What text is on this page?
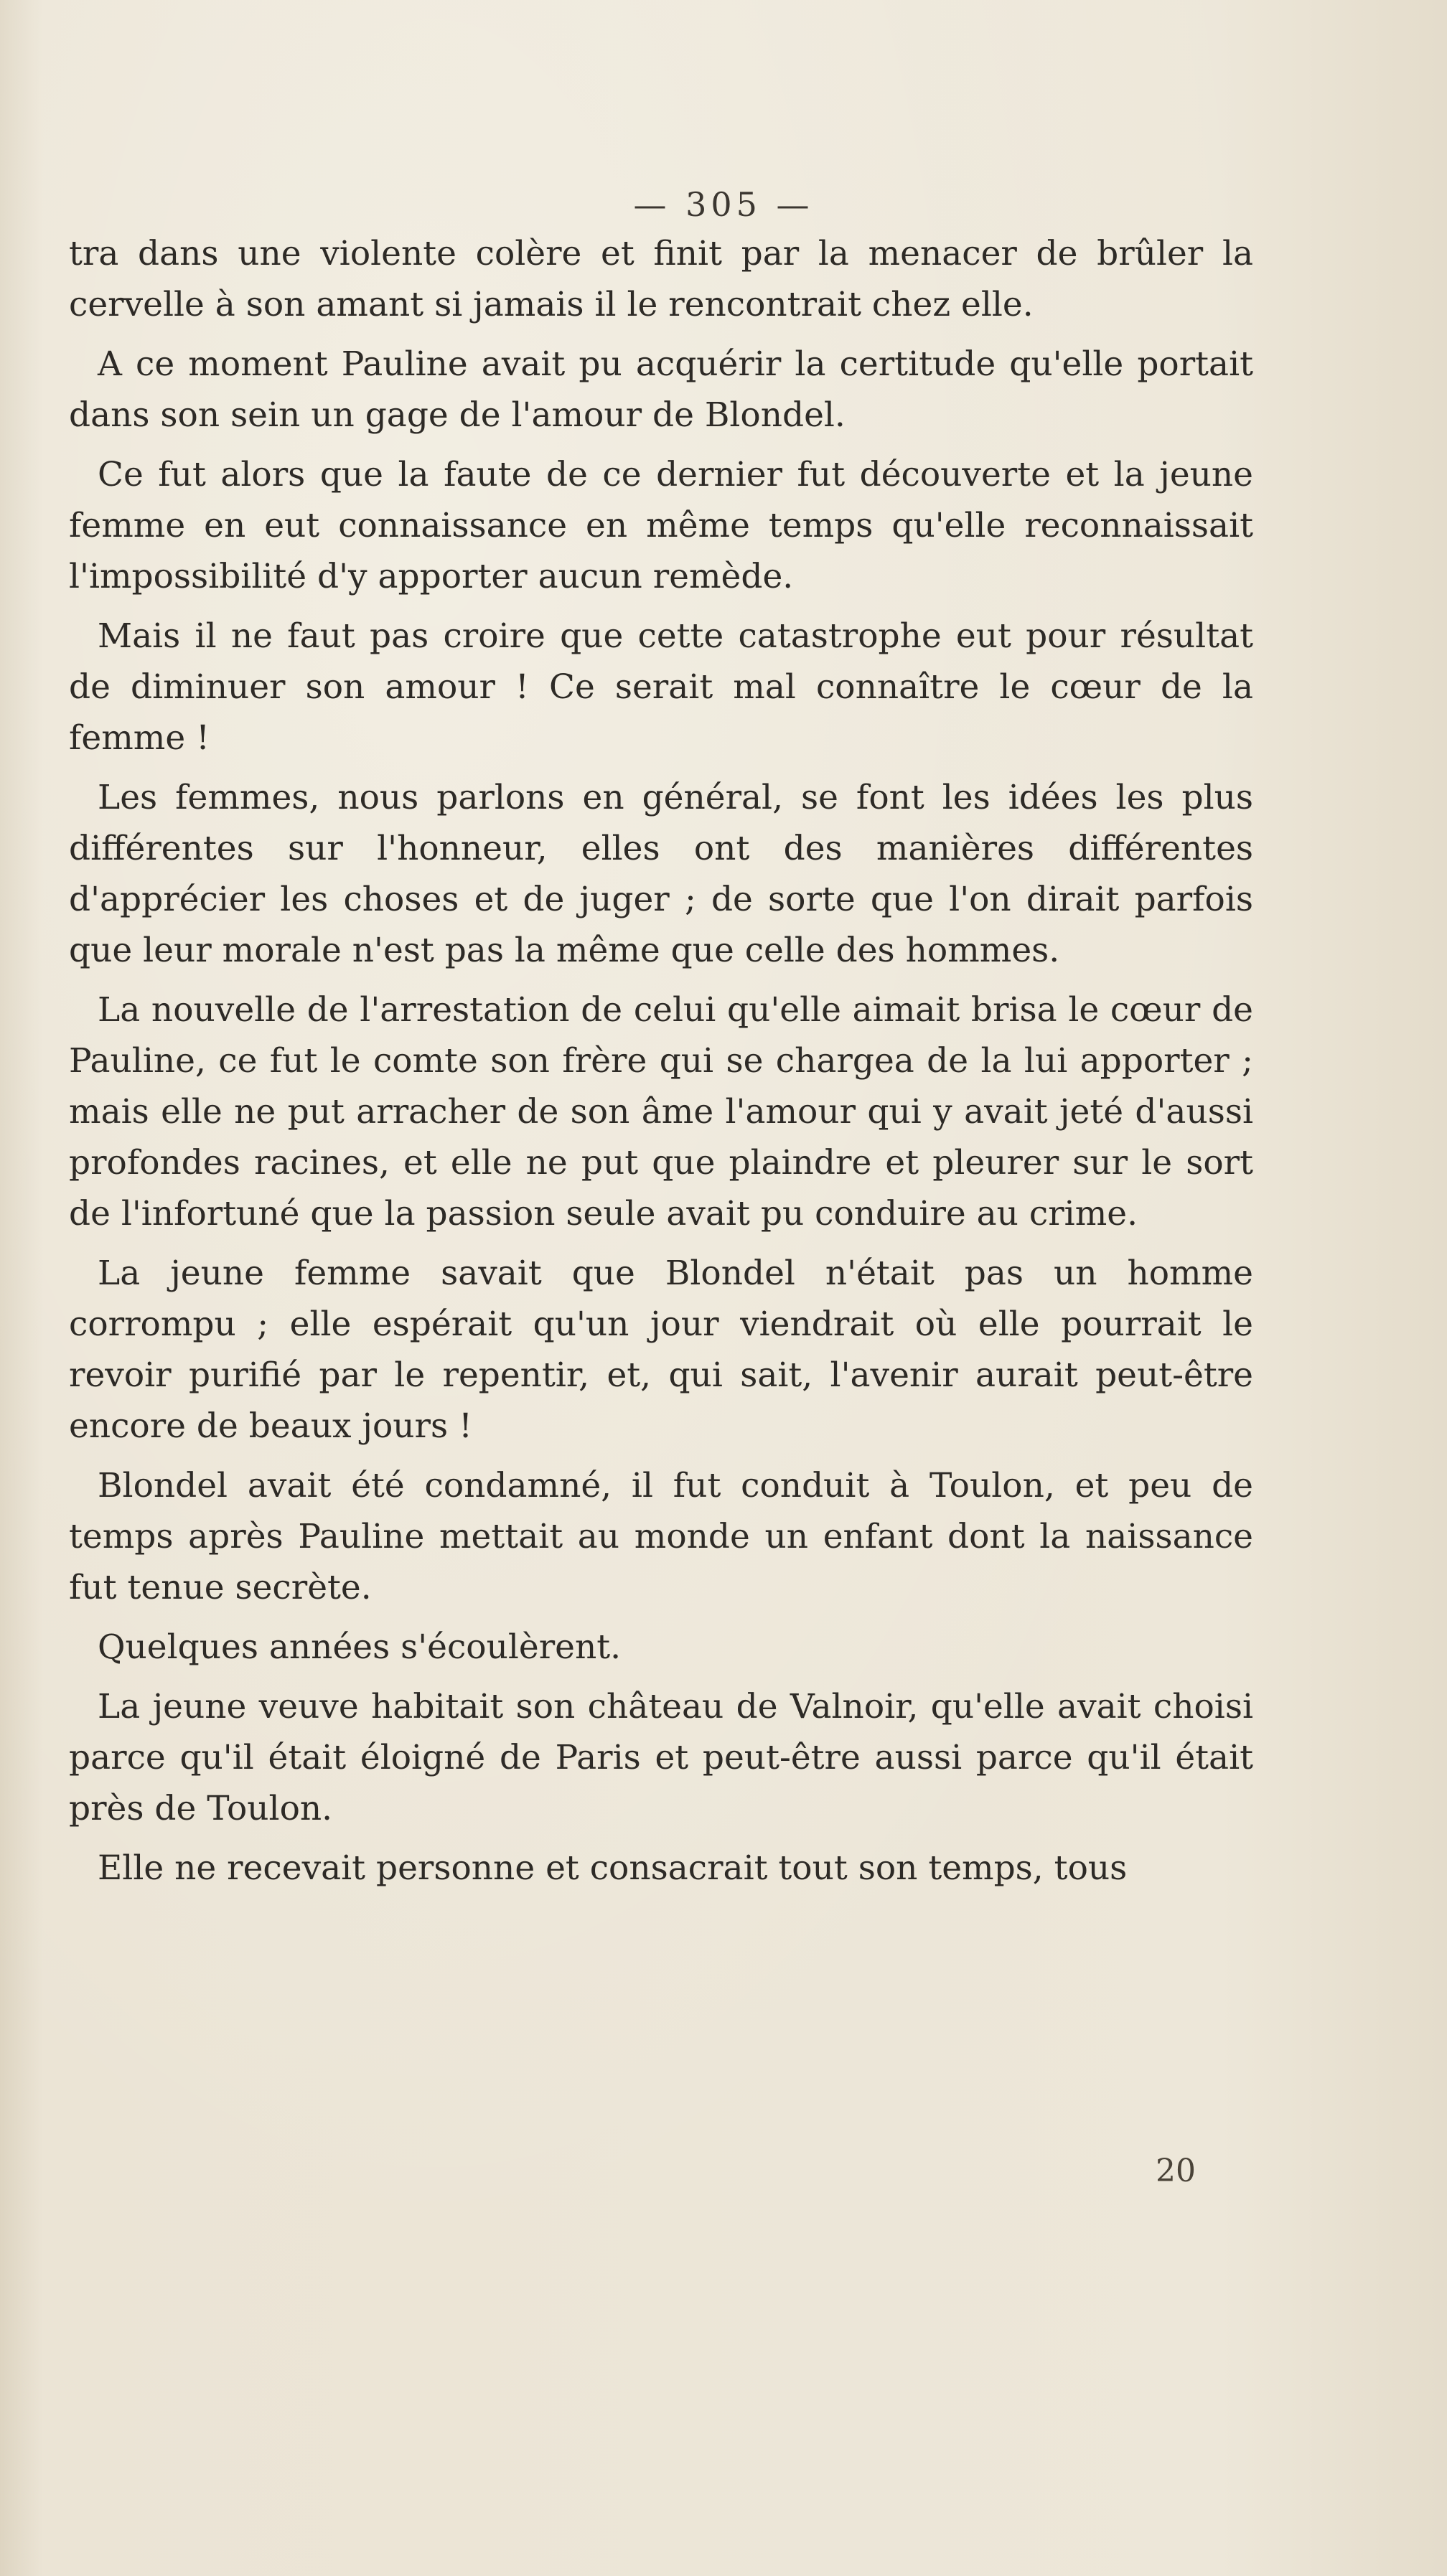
— 305 —

tra dans une violente colère et finit par la menacer de brûler la cervelle à son amant si jamais il le rencontrait chez elle.

A ce moment Pauline avait pu acquérir la certitude qu'elle portait dans son sein un gage de l'amour de Blondel.

Ce fut alors que la faute de ce dernier fut découverte et la jeune femme en eut connaissance en même temps qu'elle reconnaissait l'impossibilité d'y apporter aucun remède.

Mais il ne faut pas croire que cette catastrophe eut pour résultat de diminuer son amour ! Ce serait mal connaître le cœur de la femme !

Les femmes, nous parlons en général, se font les idées les plus différentes sur l'honneur, elles ont des manières différentes d'apprécier les choses et de juger ; de sorte que l'on dirait parfois que leur morale n'est pas la même que celle des hommes.

La nouvelle de l'arrestation de celui qu'elle aimait brisa le cœur de Pauline, ce fut le comte son frère qui se chargea de la lui apporter ; mais elle ne put arracher de son âme l'amour qui y avait jeté d'aussi profondes racines, et elle ne put que plaindre et pleurer sur le sort de l'infortuné que la passion seule avait pu conduire au crime.

La jeune femme savait que Blondel n'était pas un homme corrompu ; elle espérait qu'un jour viendrait où elle pourrait le revoir purifié par le repentir, et, qui sait, l'avenir aurait peut-être encore de beaux jours !

Blondel avait été condamné, il fut conduit à Toulon, et peu de temps après Pauline mettait au monde un enfant dont la naissance fut tenue secrète.

Quelques années s'écoulèrent.

La jeune veuve habitait son château de Valnoir, qu'elle avait choisi parce qu'il était éloigné de Paris et peut-être aussi parce qu'il était près de Toulon.

Elle ne recevait personne et consacrait tout son temps, tous

20
